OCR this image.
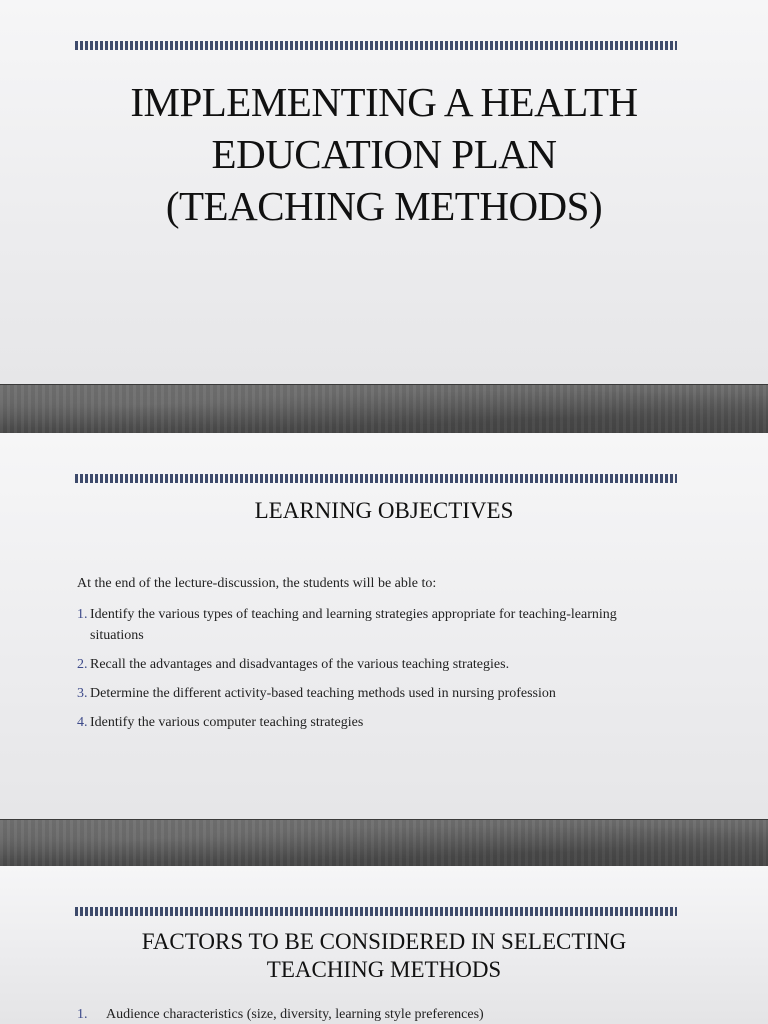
IMPLEMENTING A HEALTH
EDUCATION PLAN
(TEACHING METHODS)
LEARNING OBJECTIVES

At the end of the lecture-discussion, the students will be able to:

1. Identify the various types of teaching and learning strategies appropriate for teaching-learning situations
2. Recall the advantages and disadvantages of the various teaching strategies.
3. Determine the different activity-based teaching methods used in nursing profession
4. Identify the various computer teaching strategies
FACTORS TO BE CONSIDERED IN SELECTING
TEACHING METHODS
1. Audience characteristics (size, diversity, learning style preferences)
